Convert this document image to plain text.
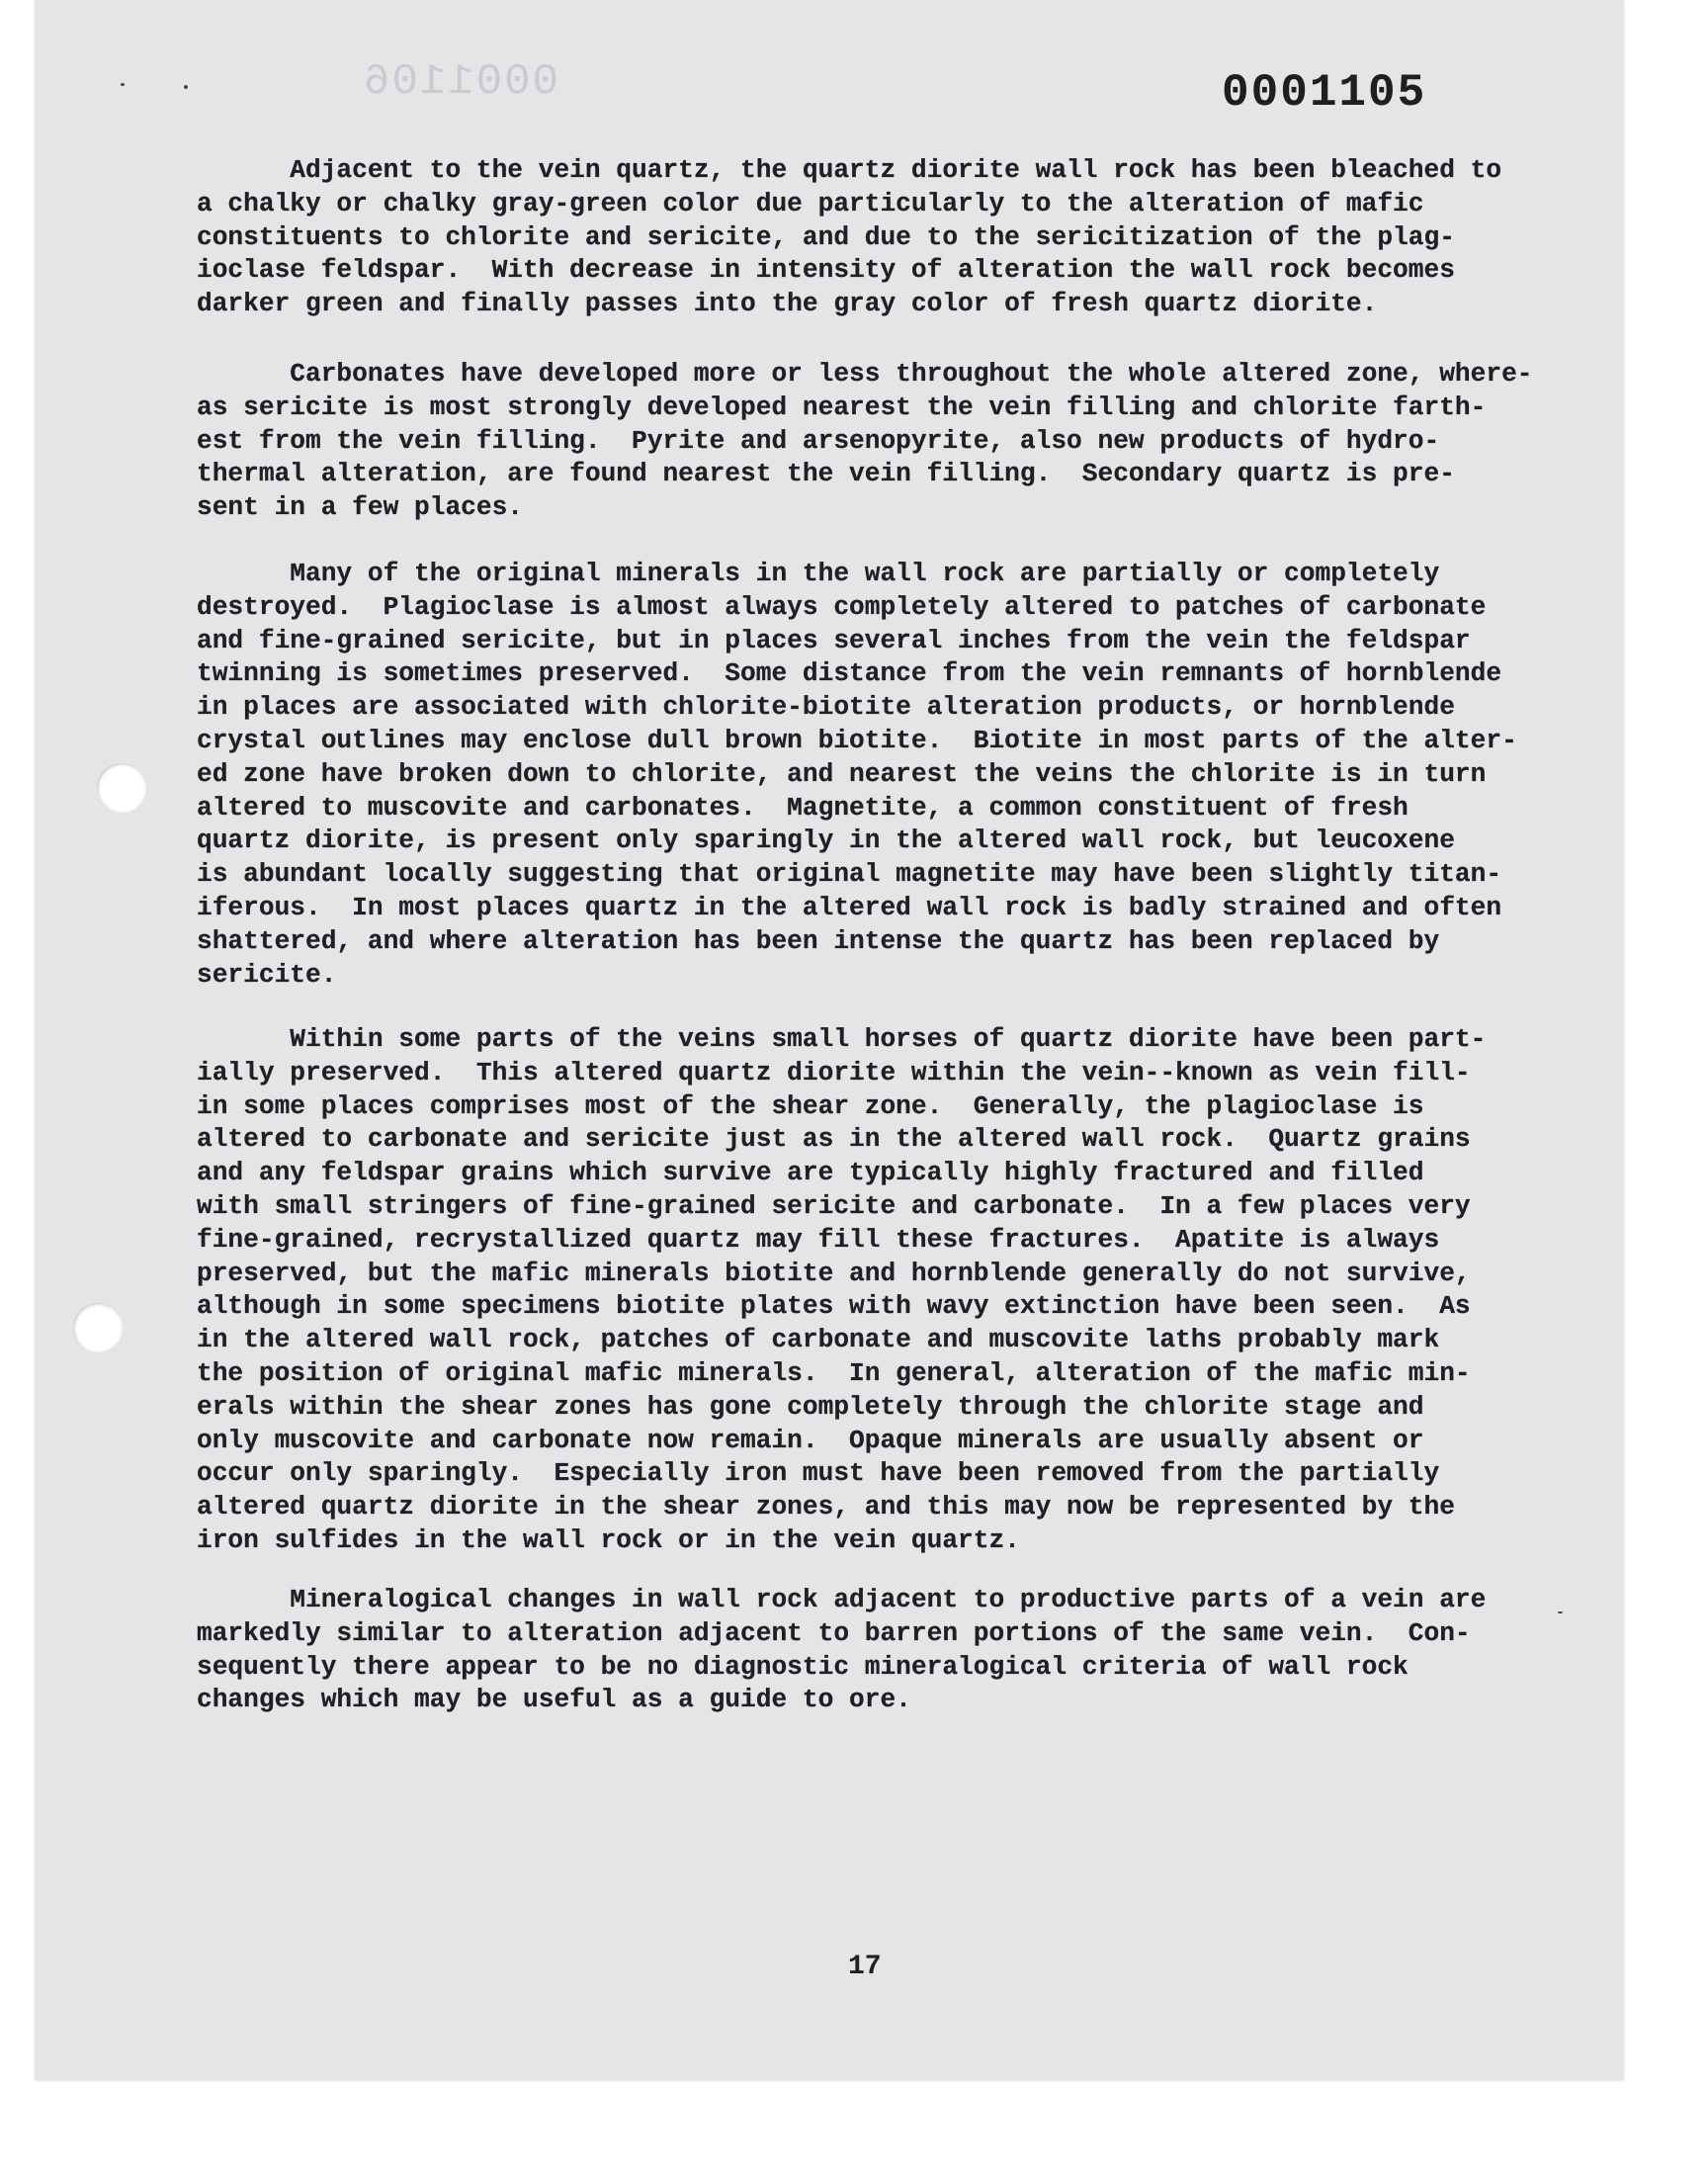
0001106	0001105

Adjacent to the vein quartz, the quartz diorite wall rock has been bleached to
a chalky or chalky gray-green color due particularly to the alteration of mafic
constituents to chlorite and sericite, and due to the sericitization of the plag-
ioclase feldspar.  With decrease in intensity of alteration the wall rock becomes
darker green and finally passes into the gray color of fresh quartz diorite.

Carbonates have developed more or less throughout the whole altered zone, where-
as sericite is most strongly developed nearest the vein filling and chlorite farth-
est from the vein filling.  Pyrite and arsenopyrite, also new products of hydro-
thermal alteration, are found nearest the vein filling.  Secondary quartz is pre-
sent in a few places.

Many of the original minerals in the wall rock are partially or completely
destroyed.  Plagioclase is almost always completely altered to patches of carbonate
and fine-grained sericite, but in places several inches from the vein the feldspar
twinning is sometimes preserved.  Some distance from the vein remnants of hornblende
in places are associated with chlorite-biotite alteration products, or hornblende
crystal outlines may enclose dull brown biotite.  Biotite in most parts of the alter-
ed zone have broken down to chlorite, and nearest the veins the chlorite is in turn
altered to muscovite and carbonates.  Magnetite, a common constituent of fresh
quartz diorite, is present only sparingly in the altered wall rock, but leucoxene
is abundant locally suggesting that original magnetite may have been slightly titan-
iferous.  In most places quartz in the altered wall rock is badly strained and often
shattered, and where alteration has been intense the quartz has been replaced by
sericite.

Within some parts of the veins small horses of quartz diorite have been part-
ially preserved.  This altered quartz diorite within the vein--known as vein fill-
in some places comprises most of the shear zone.  Generally, the plagioclase is
altered to carbonate and sericite just as in the altered wall rock.  Quartz grains
and any feldspar grains which survive are typically highly fractured and filled
with small stringers of fine-grained sericite and carbonate.  In a few places very
fine-grained, recrystallized quartz may fill these fractures.  Apatite is always
preserved, but the mafic minerals biotite and hornblende generally do not survive,
although in some specimens biotite plates with wavy extinction have been seen.  As
in the altered wall rock, patches of carbonate and muscovite laths probably mark
the position of original mafic minerals.  In general, alteration of the mafic min-
erals within the shear zones has gone completely through the chlorite stage and
only muscovite and carbonate now remain.  Opaque minerals are usually absent or
occur only sparingly.  Especially iron must have been removed from the partially
altered quartz diorite in the shear zones, and this may now be represented by the
iron sulfides in the wall rock or in the vein quartz.

Mineralogical changes in wall rock adjacent to productive parts of a vein are
markedly similar to alteration adjacent to barren portions of the same vein.  Con-
sequently there appear to be no diagnostic mineralogical criteria of wall rock
changes which may be useful as a guide to ore.

17
